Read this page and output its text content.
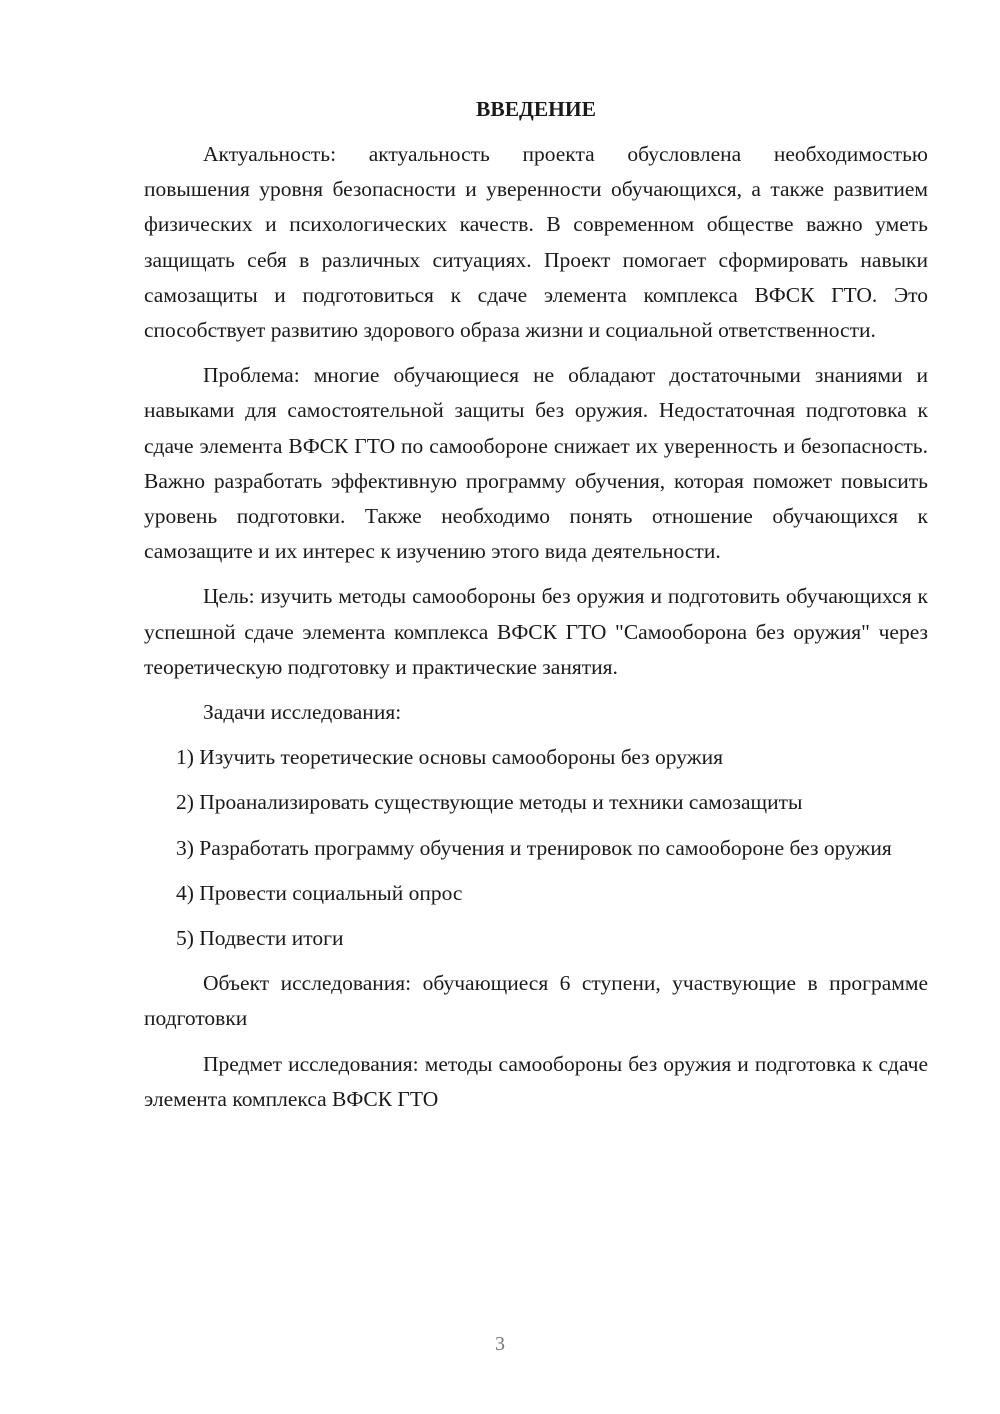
ВВЕДЕНИЕ

Актуальность: актуальность проекта обусловлена необходимостью повышения уровня безопасности и уверенности обучающихся, а также развитием физических и психологических качеств. В современном обществе важно уметь защищать себя в различных ситуациях. Проект помогает сформировать навыки самозащиты и подготовиться к сдаче элемента комплекса ВФСК ГТО. Это способствует развитию здорового образа жизни и социальной ответственности.

Проблема: многие обучающиеся не обладают достаточными знаниями и навыками для самостоятельной защиты без оружия. Недостаточная подготовка к сдаче элемента ВФСК ГТО по самообороне снижает их уверенность и безопасность. Важно разработать эффективную программу обучения, которая поможет повысить уровень подготовки. Также необходимо понять отношение обучающихся к самозащите и их интерес к изучению этого вида деятельности.

Цель: изучить методы самообороны без оружия и подготовить обучающихся к успешной сдаче элемента комплекса ВФСК ГТО "Самооборона без оружия" через теоретическую подготовку и практические занятия.

Задачи исследования:

1) Изучить теоретические основы самообороны без оружия
2) Проанализировать существующие методы и техники самозащиты
3) Разработать программу обучения и тренировок по самообороне без оружия
4) Провести социальный опрос
5) Подвести итоги

Объект исследования: обучающиеся 6 ступени, участвующие в программе подготовки

Предмет исследования: методы самообороны без оружия и подготовка к сдаче элемента комплекса ВФСК ГТО

3
